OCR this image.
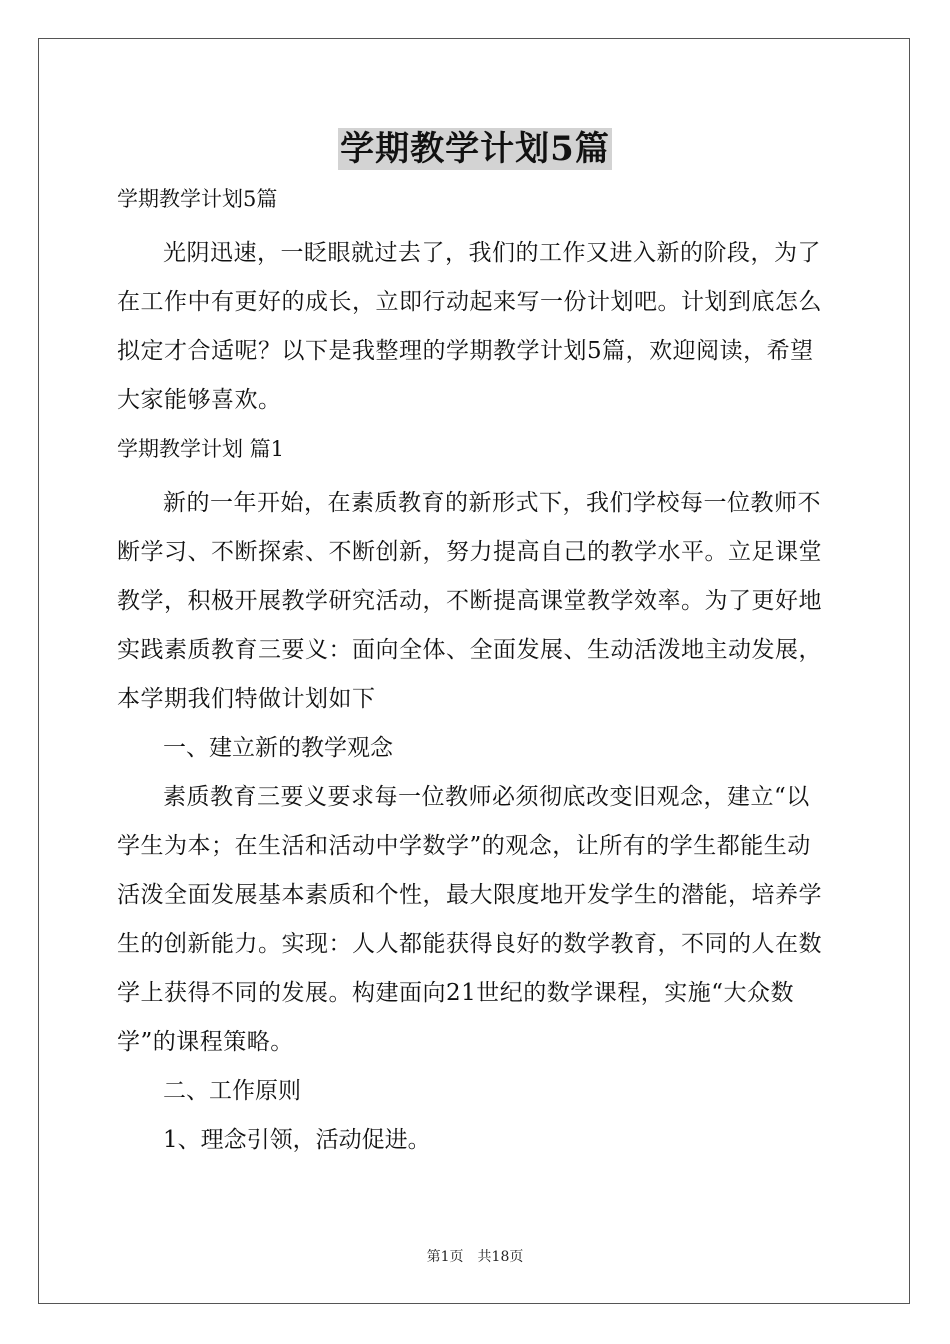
学期教学计划5篇

学期教学计划5篇

光阴迅速，一眨眼就过去了，我们的工作又进入新的阶段，为了在工作中有更好的成长，立即行动起来写一份计划吧。计划到底怎么拟定才合适呢？以下是我整理的学期教学计划5篇，欢迎阅读，希望大家能够喜欢。

学期教学计划 篇1

新的一年开始，在素质教育的新形式下，我们学校每一位教师不断学习、不断探索、不断创新，努力提高自己的教学水平。立足课堂教学，积极开展教学研究活动，不断提高课堂教学效率。为了更好地实践素质教育三要义：面向全体、全面发展、生动活泼地主动发展，本学期我们特做计划如下

一、建立新的教学观念

素质教育三要义要求每一位教师必须彻底改变旧观念，建立“以学生为本；在生活和活动中学数学”的观念，让所有的学生都能生动活泼全面发展基本素质和个性，最大限度地开发学生的潜能，培养学生的创新能力。实现：人人都能获得良好的数学教育，不同的人在数学上获得不同的发展。构建面向21世纪的数学课程，实施“大众数学”的课程策略。

二、工作原则

1、理念引领，活动促进。

第1页 共18页
